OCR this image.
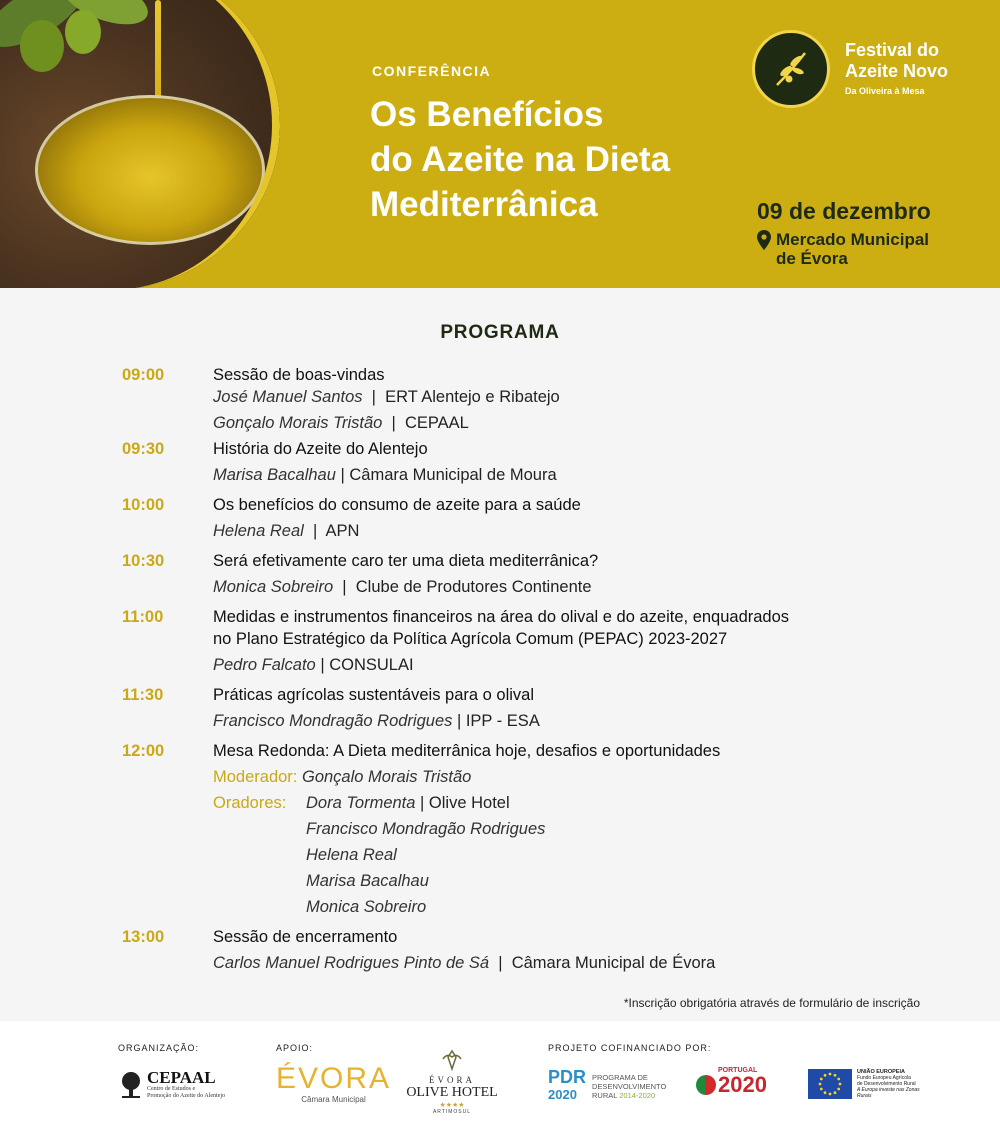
CONFERÊNCIA
Os Benefícios
do Azeite na Dieta
Mediterrânica
Festival do
Azeite Novo
Da Oliveira à Mesa
09 de dezembro
Mercado Municipal
de Évora
PROGRAMA
09:00	Sessão de boas-vindas
José Manuel Santos  |  ERT Alentejo e Ribatejo
Gonçalo Morais Tristão  |  CEPAAL
09:30	História do Azeite do Alentejo
Marisa Bacalhau | Câmara Municipal de Moura
10:00	Os benefícios do consumo de azeite para a saúde
Helena Real  |  APN
10:30	Será efetivamente caro ter uma dieta mediterrânica?
Monica Sobreiro  |  Clube de Produtores Continente
11:00	Medidas e instrumentos financeiros na área do olival e do azeite, enquadrados
no Plano Estratégico da Política Agrícola Comum (PEPAC) 2023-2027
Pedro Falcato | CONSULAI
11:30	Práticas agrícolas sustentáveis para o olival
Francisco Mondragão Rodrigues | IPP - ESA
12:00	Mesa Redonda: A Dieta mediterrânica hoje, desafios e oportunidades
Moderador: Gonçalo Morais Tristão
Oradores: Dora Tormenta | Olive Hotel
Francisco Mondragão Rodrigues
Helena Real
Marisa Bacalhau
Monica Sobreiro
13:00	Sessão de encerramento
Carlos Manuel Rodrigues Pinto de Sá  |  Câmara Municipal de Évora
*Inscrição obrigatória através de formulário de inscrição
ORGANIZAÇÃO:	APOIO:	PROJETO COFINANCIADO POR:
CEPAAL
Centro de Estudos e
Promoção do Azeite do Alentejo
ÉVORA
Câmara Municipal
ÉVORA
OLIVE HOTEL
★★★★
ARTIMOSUL
PDR
2020
PROGRAMA DE
DESENVOLVIMENTO
RURAL 2014-2020
PORTUGAL
2020	UNIÃO EUROPEIA
Fundo Europeu Agrícola
de Desenvolvimento Rural
A Europa investe nas Zonas Rurais
